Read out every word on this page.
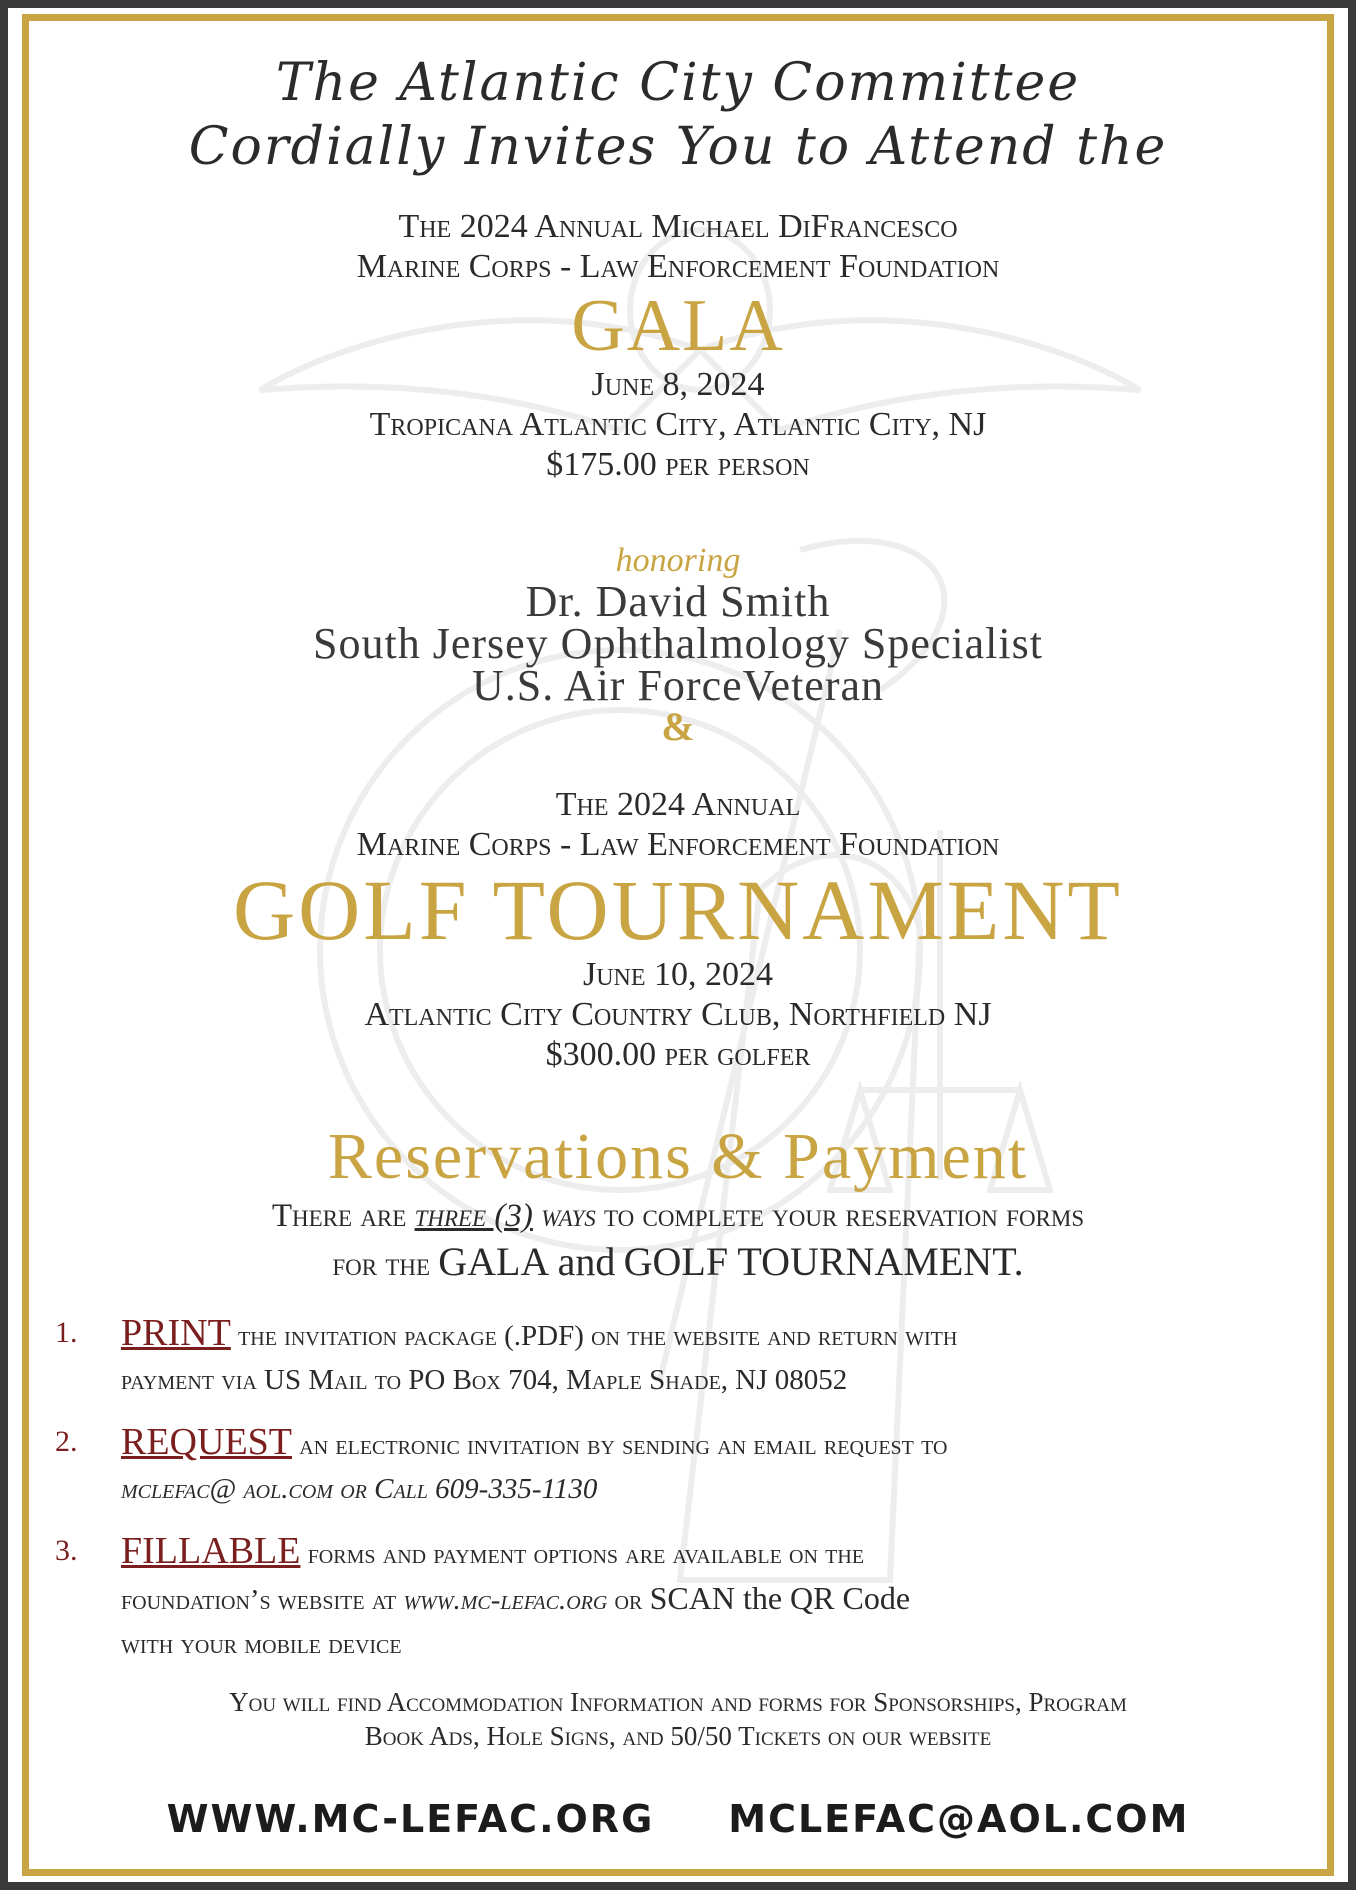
The Atlantic City Committee
Cordially Invites You to Attend the
The 2024 Annual Michael DiFrancesco
Marine Corps - Law Enforcement Foundation
GALA
June 8, 2024
Tropicana Atlantic City, Atlantic City, NJ
$175.00 per person
honoring
Dr. David Smith
South Jersey Ophthalmology Specialist
U.S. Air ForceVeteran
&
The 2024 Annual
Marine Corps - Law Enforcement Foundation
GOLF TOURNAMENT
June 10, 2024
Atlantic City Country Club, Northfield NJ
$300.00 per golfer
Reservations & Payment
There are three (3) ways to complete your reservation forms
for the GALA and GOLF TOURNAMENT.
1.	PRINT the invitation package (.PDF) on the website and return with
payment via US Mail to PO Box 704, Maple Shade, NJ 08052
2.	REQUEST an electronic invitation by sending an email request to
mclefac@ aol.com or Call 609-335-1130
3.	FILLABLE forms and payment options are available on the
foundation’s website at www.mc-lefac.org or SCAN the QR Code
with your mobile device
You will find Accommodation Information and forms for Sponsorships, Program
Book Ads, Hole Signs, and 50/50 Tickets on our website
WWW.MC-LEFAC.ORG MCLEFAC@AOL.COM
